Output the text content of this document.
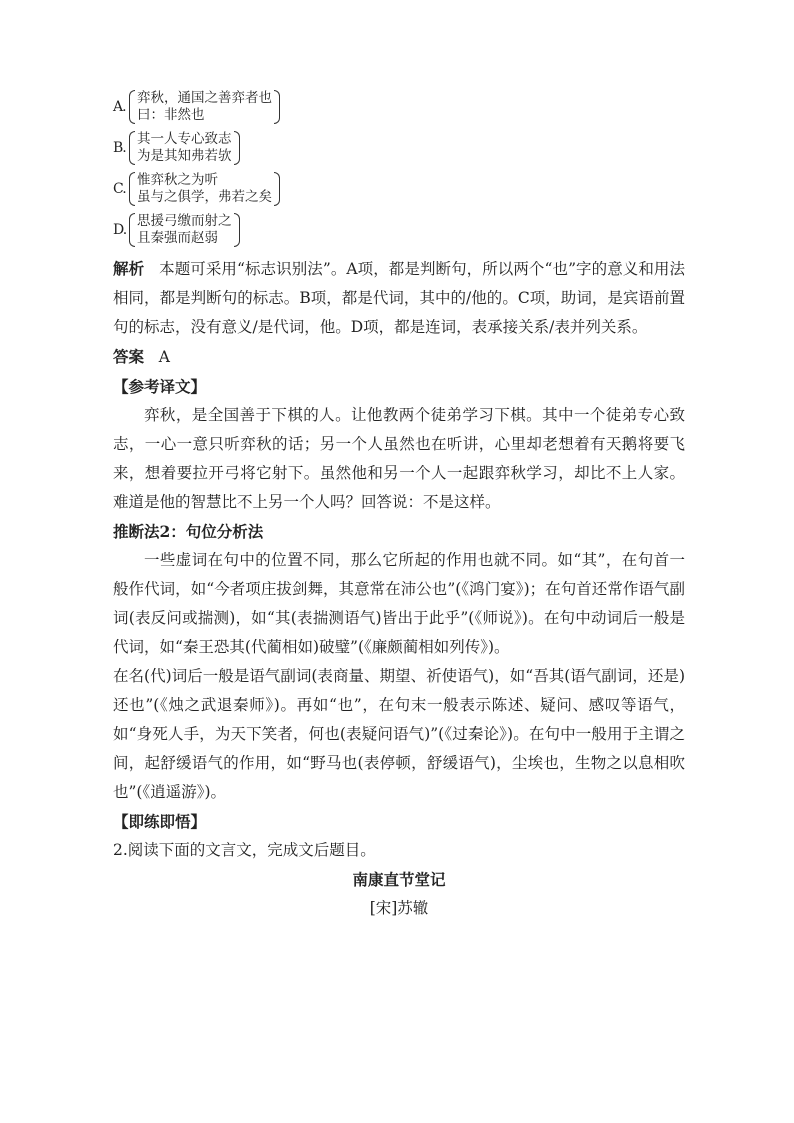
A.
弈秋，通国之善弈者也
曰：非然也
B.
其一人专心致志
为是其知弗若欤
C.
惟弈秋之为听
虽与之俱学，弗若之矣
D.
思援弓缴而射之
且秦强而赵弱

解析 本题可采用“标志识别法”。A项，都是判断句，所以两个“也”字的意义和用法相同，都是判断句的标志。B项，都是代词，其中的/他的。C项，助词，是宾语前置句的标志，没有意义/是代词，他。D项，都是连词，表承接关系/表并列关系。

答案 A

【参考译文】

弈秋，是全国善于下棋的人。让他教两个徒弟学习下棋。其中一个徒弟专心致志，一心一意只听弈秋的话；另一个人虽然也在听讲，心里却老想着有天鹅将要飞来，想着要拉开弓将它射下。虽然他和另一个人一起跟弈秋学习，却比不上人家。难道是他的智慧比不上另一个人吗？回答说：不是这样。

推断法2：句位分析法

一些虚词在句中的位置不同，那么它所起的作用也就不同。如“其”，在句首一般作代词，如“今者项庄拔剑舞，其意常在沛公也”(《鸿门宴》)；在句首还常作语气副词(表反问或揣测)，如“其(表揣测语气)皆出于此乎”(《师说》)。在句中动词后一般是代词，如“秦王恐其(代蔺相如)破璧”(《廉颇蔺相如列传》)。

在名(代)词后一般是语气副词(表商量、期望、祈使语气)，如“吾其(语气副词，还是)还也”(《烛之武退秦师》)。再如“也”，在句末一般表示陈述、疑问、感叹等语气，如“身死人手，为天下笑者，何也(表疑问语气)”(《过秦论》)。在句中一般用于主谓之间，起舒缓语气的作用，如“野马也(表停顿，舒缓语气)，尘埃也，生物之以息相吹也”(《逍遥游》)。

【即练即悟】

2.阅读下面的文言文，完成文后题目。

南康直节堂记

[宋]苏辙
